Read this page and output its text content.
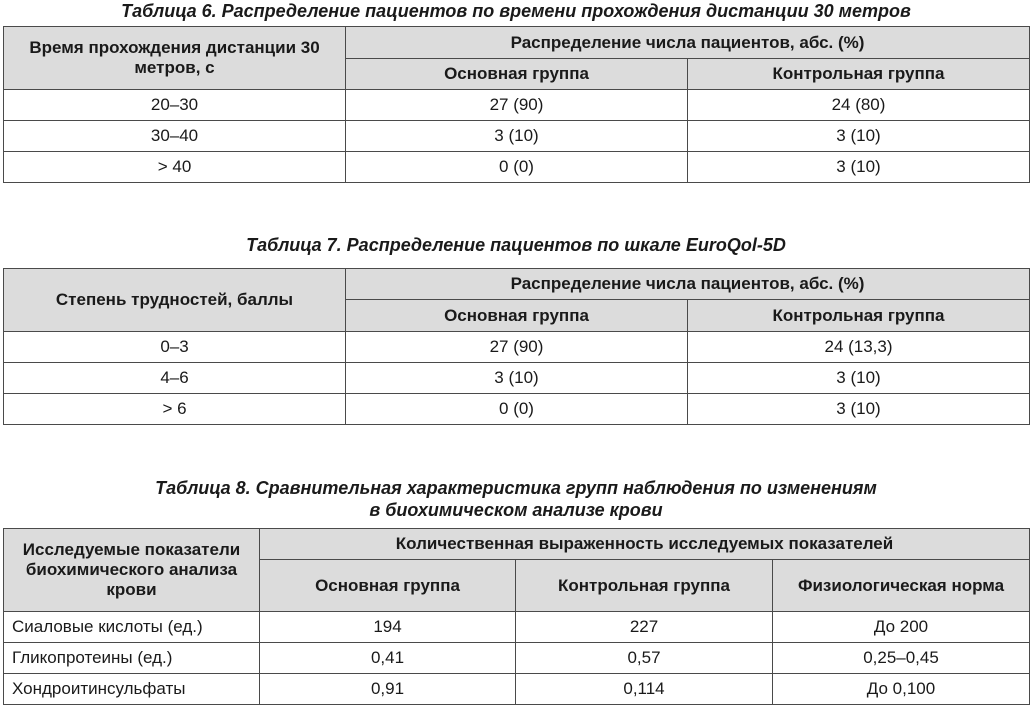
Таблица 6. Распределение пациентов по времени прохождения дистанции 30 метров

Время прохождения дистанции 30 метров, с	Распределение числа пациентов, абс. (%)	
	Основная группа	Контрольная группа
20–30	27 (90)	24 (80)
30–40	3 (10)	3 (10)
> 40	0 (0)	3 (10)

Таблица 7. Распределение пациентов по шкале EuroQol-5D

Степень трудностей, баллы	Распределение числа пациентов, абс. (%)	
	Основная группа	Контрольная группа
0–3	27 (90)	24 (13,3)
4–6	3 (10)	3 (10)
> 6	0 (0)	3 (10)

Таблица 8. Сравнительная характеристика групп наблюдения по изменениям
в биохимическом анализе крови

Исследуемые показатели биохимического анализа крови	Количественная выраженность исследуемых показателей		
	Основная группа	Контрольная группа	Физиологическая норма
Сиаловые кислоты (ед.)	194	227	До 200
Гликопротеины (ед.)	0,41	0,57	0,25–0,45
Хондроитинсульфаты	0,91	0,114	До 0,100
